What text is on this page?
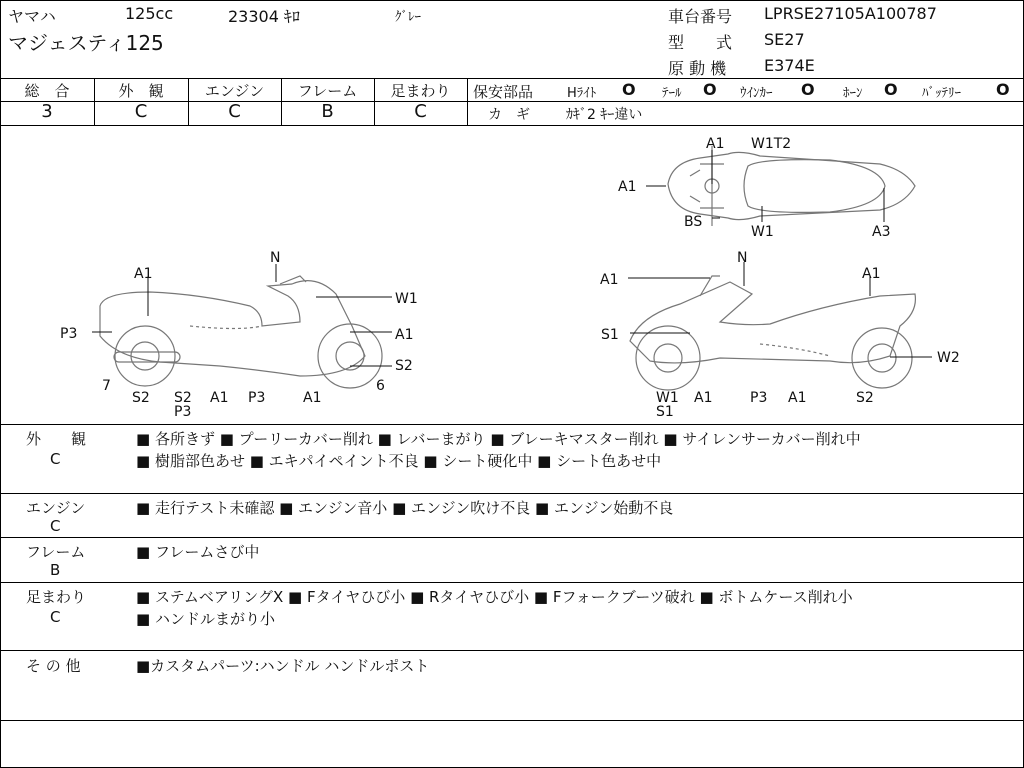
ヤマハ	125cc	23304 ｷﾛ	ｸﾞﾚｰ
マジェスティ125
車台番号 LPRSE27105A100787
型　　式 SE27
原 動 機 E374E
総　合	外　観	エンジン	フレーム	足まわり
3	C	C	B	C
保安部品	Hﾗｲﾄ O ﾃｰﾙ O ｳｲﾝｶｰ O ﾎｰﾝ O ﾊﾞｯﾃﾘｰ O
カ　ギ	ｶｷﾞ2 ｷｰ違い
A1 W1T2
A1
BS
W1	A3
N
A1
W1
P3	A1
S2
7
S2 S2 A1 P3	A1
6
P3
N
A1	A1
S1
W2
W1 A1	P3 A1	S2
S1
外　　観
C
■ 各所きず ■ プーリーカバー削れ ■ レバーまがり ■ ブレーキマスター削れ ■ サイレンサーカバー削れ中
■ 樹脂部色あせ ■ エキパイペイント不良 ■ シート硬化中 ■ シート色あせ中
エンジン
C
■ 走行テスト未確認 ■ エンジン音小 ■ エンジン吹け不良 ■ エンジン始動不良
フレーム
B
■ フレームさび中
足まわり
C
■ ステムベアリングX ■ Fタイヤひび小 ■ Rタイヤひび小 ■ Fフォークブーツ破れ ■ ボトムケース削れ小
■ ハンドルまがり小
そ の 他	■カスタムパーツ:ハンドル ハンドルポスト
